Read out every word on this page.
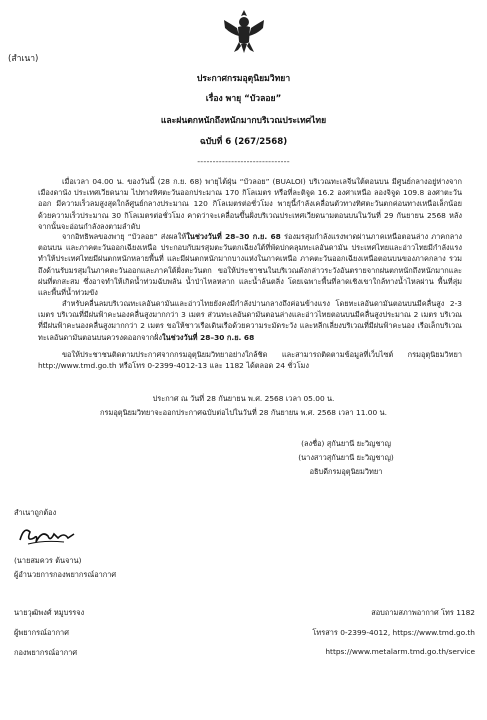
(สำเนา)
ประกาศกรมอุตุนิยมวิทยา
เรื่อง พายุ “บัวลอย”
และฝนตกหนักถึงหนักมากบริเวณประเทศไทย
ฉบับที่ 6 (267/2568)
------------------------------
เมื่อเวลา 04.00 น. ของวันนี้ (28 ก.ย. 68) พายุไต้ฝุ่น “บัวลอย” (BUALOI) บริเวณทะเลจีนใต้ตอนบน มีศูนย์กลางอยู่ห่างจากเมืองดานัง ประเทศเวียดนาม ไปทางทิศตะวันออกประมาณ 170 กิโลเมตร หรือที่ละติจูด 16.2 องศาเหนือ ลองจิจูด 109.8 องศาตะวันออก มีความเร็วลมสูงสุดใกล้ศูนย์กลางประมาณ 120 กิโลเมตรต่อชั่วโมง พายุนี้กำลังเคลื่อนตัวทางทิศตะวันตกค่อนทางเหนือเล็กน้อย ด้วยความเร็วประมาณ 30 กิโลเมตรต่อชั่วโมง คาดว่าจะเคลื่อนขึ้นฝั่งบริเวณประเทศเวียดนามตอนบนในวันที่ 29 กันยายน 2568 หลังจากนั้นจะอ่อนกำลังลงตามลำดับ
จากอิทธิพลของพายุ “บัวลอย” ส่งผลให้ในช่วงวันที่ 28–30 ก.ย. 68 ร่องมรสุมกำลังแรงพาดผ่านภาคเหนือตอนล่าง ภาคกลางตอนบน และภาคตะวันออกเฉียงเหนือ ประกอบกับมรสุมตะวันตกเฉียงใต้ที่พัดปกคลุมทะเลอันดามัน ประเทศไทยและอ่าวไทยมีกำลังแรง ทำให้ประเทศไทยมีฝนตกหนักหลายพื้นที่ และมีฝนตกหนักมากบางแห่งในภาคเหนือ ภาคตะวันออกเฉียงเหนือตอนบนของภาคกลาง รวมถึงด้านรับมรสุมในภาคตะวันออกและภาคใต้ฝั่งตะวันตก ขอให้ประชาชนในบริเวณดังกล่าวระวังอันตรายจากฝนตกหนักถึงหนักมากและฝนที่ตกสะสม ซึ่งอาจทำให้เกิดน้ำท่วมฉับพลัน น้ำป่าไหลหลาก และน้ำล้นตลิ่ง โดยเฉพาะพื้นที่ลาดเชิงเขาใกล้ทางน้ำไหลผ่าน พื้นที่ลุ่ม และพื้นที่น้ำท่วมขัง
สำหรับคลื่นลมบริเวณทะเลอันดามันและอ่าวไทยยังคงมีกำลังปานกลางถึงค่อนข้างแรง โดยทะเลอันดามันตอนบนมีคลื่นสูง 2-3 เมตร บริเวณที่มีฝนฟ้าคะนองคลื่นสูงมากกว่า 3 เมตร ส่วนทะเลอันดามันตอนล่างและอ่าวไทยตอนบนมีคลื่นสูงประมาณ 2 เมตร บริเวณที่มีฝนฟ้าคะนองคลื่นสูงมากกว่า 2 เมตร ขอให้ชาวเรือเดินเรือด้วยความระมัดระวัง และหลีกเลี่ยงบริเวณที่มีฝนฟ้าคะนอง เรือเล็กบริเวณทะเลอันดามันตอนบนควรงดออกจากฝั่งในช่วงวันที่ 28–30 ก.ย. 68
ขอให้ประชาชนติดตามประกาศจากกรมอุตุนิยมวิทยาอย่างใกล้ชิด และสามารถติดตามข้อมูลที่เว็บไซต์ กรมอุตุนิยมวิทยา http://www.tmd.go.th หรือโทร 0-2399-4012-13 และ 1182 ได้ตลอด 24 ชั่วโมง
ประกาศ ณ วันที่ 28 กันยายน พ.ศ. 2568 เวลา 05.00 น.
กรมอุตุนิยมวิทยาจะออกประกาศฉบับต่อไปในวันที่ 28 กันยายน พ.ศ. 2568 เวลา 11.00 น.
(ลงชื่อ) สุกันยานี ยะวิญชาญ
(นางสาวสุกันยานี ยะวิญชาญ)
อธิบดีกรมอุตุนิยมวิทยา
สำเนาถูกต้อง
(นายสมควร ต้นจาน)
ผู้อำนวยการกองพยากรณ์อากาศ
นายวุฒิพงศ์ หมูบรรจง
ผู้พยากรณ์อากาศ
กองพยากรณ์อากาศ
สอบถามสภาพอากาศ โทร 1182
โทรสาร 0-2399-4012, https://www.tmd.go.th
https://www.metalarm.tmd.go.th/service
